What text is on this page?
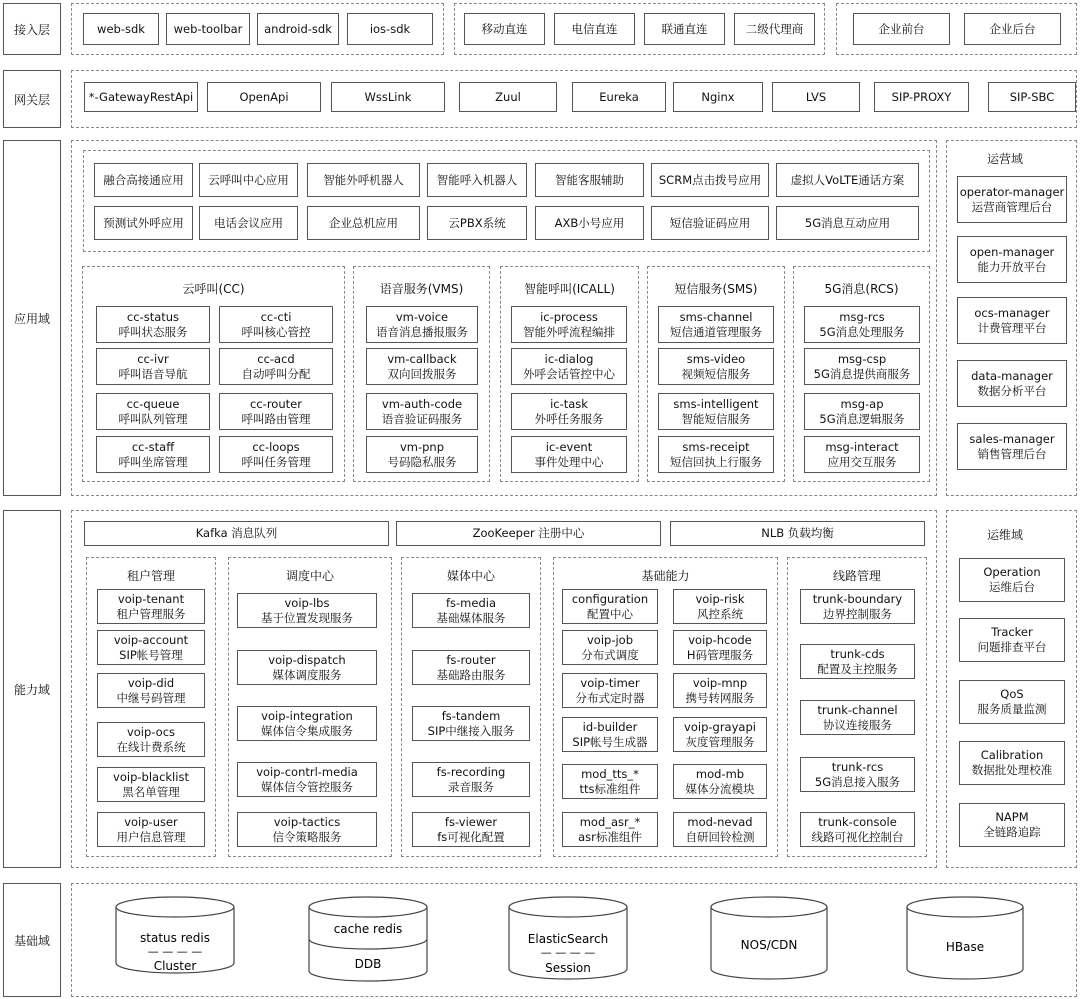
接入层
网关层
应用域
能力域
基础域
web-sdk web-toolbar android-sdk	ios-sdk	移动直连	电信直连	联通直连	二级代理商	企业前台	企业后台
*-GatewayRestApi	OpenApi	WssLink	Zuul	Eureka	Nginx	LVS	SIP-PROXY	SIP-SBC
融合高接通应用 云呼叫中心应用	智能外呼机器人	智能呼入机器人	智能客服辅助	SCRM点击拨号应用	虚拟人VoLTE通话方案
预测试外呼应用	电话会议应用	企业总机应用	云PBX系统	AXB小号应用	短信验证码应用	5G消息互动应用
云呼叫(CC)
cc-status
呼叫状态服务
cc-cti
呼叫核心管控
cc-ivr
呼叫语音导航
cc-acd
自动呼叫分配
cc-queue
呼叫队列管理
cc-router
呼叫路由管理
cc-staff
呼叫坐席管理
cc-loops
呼叫任务管理
语音服务(VMS)
vm-voice
语音消息播报服务
vm-callback
双向回拨服务
vm-auth-code
语音验证码服务
vm-pnp
号码隐私服务
智能呼叫(ICALL)
ic-process
智能外呼流程编排
ic-dialog
外呼会话管控中心
ic-task
外呼任务服务
ic-event
事件处理中心
短信服务(SMS)
sms-channel
短信通道管理服务
sms-video
视频短信服务
sms-intelligent
智能短信服务
sms-receipt
短信回执上行服务
5G消息(RCS)
msg-rcs
5G消息处理服务
msg-csp
5G消息提供商服务
msg-ap
5G消息逻辑服务
msg-interact
应用交互服务
运营域
operator-manager
运营商管理后台
open-manager
能力开放平台
ocs-manager
计费管理平台
data-manager
数据分析平台
sales-manager
销售管理后台
Kafka 消息队列	ZooKeeper 注册中心	NLB 负载均衡
租户管理
voip-tenant
租户管理服务
voip-account
SIP帐号管理
voip-did
中继号码管理
voip-ocs
在线计费系统
voip-blacklist
黑名单管理
voip-user
用户信息管理
调度中心
voip-lbs
基于位置发现服务
voip-dispatch
媒体调度服务
voip-integration
媒体信令集成服务
voip-contrl-media
媒体信令管控服务
voip-tactics
信令策略服务
媒体中心
fs-media
基础媒体服务
fs-router
基础路由服务
fs-tandem
SIP中继接入服务
fs-recording
录音服务
fs-viewer
fs可视化配置
基础能力
configuration
配置中心
voip-risk
风控系统
voip-job
分布式调度
voip-hcode
H码管理服务
voip-timer
分布式定时器
voip-mnp
携号转网服务
id-builder
SIP帐号生成器
voip-grayapi
灰度管理服务
mod_tts_*
tts标准组件
mod-mb
媒体分流模块
mod_asr_*
asr标准组件
mod-nevad
自研回铃检测
线路管理
trunk-boundary
边界控制服务
trunk-cds
配置及主控服务
trunk-channel
协议连接服务
trunk-rcs
5G消息接入服务
trunk-console
线路可视化控制台
运维域
Operation
运维后台
Tracker
问题排查平台
QoS
服务质量监测
Calibration
数据批处理校准
NAPM
全链路追踪
status redis
— — — —
Cluster
cache redis
DDB
ElasticSearch
— — — —
Session
NOS/CDN	HBase
